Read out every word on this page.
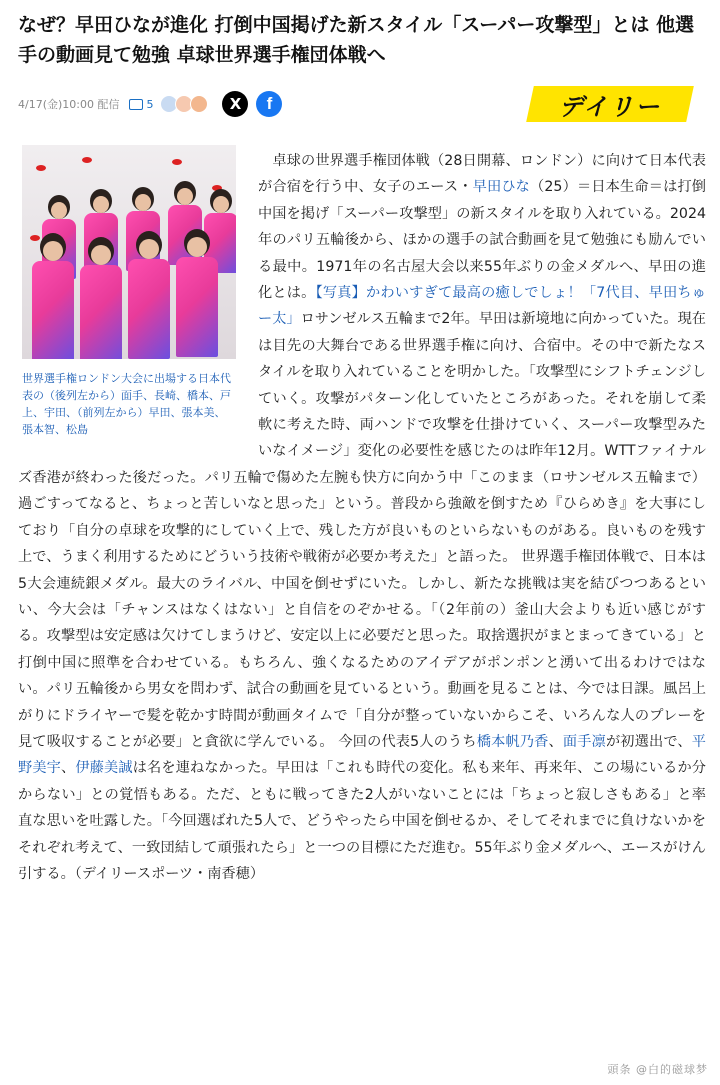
なぜ？早田ひなが進化 打倒中国掲げた新スタイル「スーパー攻撃型」とは 他選手の動画見て勉強 卓球世界選手権団体戦へ
4/17(金)10:00 配信 5	X	f	デイリー

世界選手権ロンドン大会に出場する日本代表の（後列左から）面手、長崎、橋本、戸上、宇田、（前列左から）早田、張本美、張本智、松島

　卓球の世界選手権団体戦（28日開幕、ロンドン）に向けて日本代表が合宿を行う中、女子のエース・早田ひな（25）＝日本生命＝は打倒中国を掲げ「スーパー攻撃型」の新スタイルを取り入れている。2024年のパリ五輪後から、ほかの選手の試合動画を見て勉強にも励んでいる最中。1971年の名古屋大会以来55年ぶりの金メダルへ、早田の進化とは。【写真】かわいすぎて最高の癒しでしょ！「7代目、早田ちゅー太」ロサンゼルス五輪まで2年。早田は新境地に向かっていた。現在は目先の大舞台である世界選手権に向け、合宿中。その中で新たなスタイルを取り入れていることを明かした。「攻撃型にシフトチェンジしていく。攻撃がパターン化していたところがあった。それを崩して柔軟に考えた時、両ハンドで攻撃を仕掛けていく、スーパー攻撃型みたいなイメージ」変化の必要性を感じたのは昨年12月。WTTファイナルズ香港が終わった後だった。パリ五輪で傷めた左腕も快方に向かう中「このまま（ロサンゼルス五輪まで）過ごすってなると、ちょっと苦しいなと思った」という。普段から強敵を倒すため『ひらめき』を大事にしており「自分の卓球を攻撃的にしていく上で、残した方が良いものといらないものがある。良いものを残す上で、うまく利用するためにどういう技術や戦術が必要か考えた」と語った。 世界選手権団体戦で、日本は5大会連続銀メダル。最大のライバル、中国を倒せずにいた。しかし、新たな挑戦は実を結びつつあるといい、今大会は「チャンスはなくはない」と自信をのぞかせる。「（2年前の）釜山大会よりも近い感じがする。攻撃型は安定感は欠けてしまうけど、安定以上に必要だと思った。取捨選択がまとまってきている」と打倒中国に照準を合わせている。もちろん、強くなるためのアイデアがポンポンと湧いて出るわけではない。パリ五輪後から男女を問わず、試合の動画を見ているという。動画を見ることは、今では日課。風呂上がりにドライヤーで髪を乾かす時間が動画タイムで「自分が整っていないからこそ、いろんな人のプレーを見て吸収することが必要」と貪欲に学んでいる。 今回の代表5人のうち橋本帆乃香、面手凛が初選出で、平野美宇、伊藤美誠は名を連ねなかった。早田は「これも時代の変化。私も来年、再来年、この場にいるか分からない」との覚悟もある。ただ、ともに戦ってきた2人がいないことには「ちょっと寂しさもある」と率直な思いを吐露した。「今回選ばれた5人で、どうやったら中国を倒せるか、そしてそれまでに負けないかをそれぞれ考えて、一致団結して頑張れたら」と一つの目標にただ進む。55年ぶり金メダルへ、エースがけん引する。（デイリースポーツ・南香穂）

頭条 @白的磁球梦
